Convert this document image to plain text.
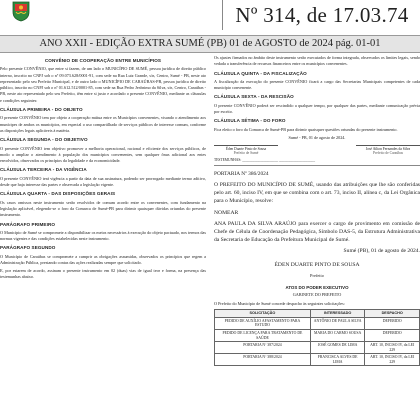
Nº 314, de 17.03.74
ANO XXII - EDIÇÃO EXTRA SUMÉ (PB) 01 de AGOSTO de 2024 pág. 01-01

CONVÊNIO DE COOPERAÇÃO ENTRE MUNICÍPIOS

Pelo presente CONVÊNIO, que entre si fazem, de um lado o MUNICÍPIO DE SUMÉ, pessoa jurídica de direito público interno, inscrito no CNPJ sob o nº 09.073.628/0001-91, com sede na Rua Luiz Grande, s/n, Centro, Sumé - PB, neste ato representado pelo seu Prefeito Municipal, e de outro lado o MUNICÍPIO DE CARAÚBAS-PB, pessoa jurídica de direito público, inscrito no CNPJ sob o nº 01.612.512/0001-85, com sede na Rua Pedro Jerônimo da Silva, s/n, Centro, Caraúbas - PB, neste ato representado pelo seu Prefeito, têm entre si justo e acordado o presente CONVÊNIO, mediante as cláusulas e condições seguintes:

CLÁUSULA PRIMEIRA - DO OBJETO

O presente CONVÊNIO tem por objeto a cooperação mútua entre os Municípios convenentes, visando o atendimento aos munícipes de ambos os municípios, em especial o uso compartilhado de serviços públicos de interesse comum, conforme as disposições legais aplicáveis à matéria.

CLÁUSULA SEGUNDA - DO OBJETIVO

O presente CONVÊNIO tem objetivo promover a melhoria operacional, racional e eficiente dos serviços públicos, de modo a ampliar o atendimento à população dos municípios convenentes, sem qualquer ônus adicional aos entes envolvidos, observados os princípios da legalidade e da economicidade.

CLÁUSULA TERCEIRA - DA VIGÊNCIA

O presente CONVÊNIO terá vigência a partir da data de sua assinatura, podendo ser prorrogado mediante termo aditivo, desde que haja interesse das partes e observada a legislação vigente.

CLÁUSULA QUARTA - DAS DISPOSIÇÕES GERAIS

Os casos omissos neste instrumento serão resolvidos de comum acordo entre os convenentes, com fundamento na legislação aplicável, elegendo-se o foro da Comarca de Sumé-PB para dirimir quaisquer dúvidas oriundas do presente instrumento.

PARÁGRAFO PRIMEIRO

O Município de Sumé se compromete a disponibilizar os meios necessários à execução do objeto pactuado, nos termos das normas vigentes e das condições estabelecidas neste instrumento.

PARÁGRAFO SEGUNDO

O Município de Caraúbas se compromete a cumprir as obrigações assumidas, observados os princípios que regem a Administração Pública, prestando contas das ações realizadas sempre que solicitado.

E, por estarem de acordo, assinam o presente instrumento em 02 (duas) vias de igual teor e forma, na presença das testemunhas abaixo.

Os ajustes firmados no âmbito deste instrumento serão executados de forma integrada, observados os limites legais, sendo vedada a transferência de recursos financeiros entre os municípios convenentes.

CLÁUSULA QUINTA - DA FISCALIZAÇÃO

A fiscalização da execução do presente CONVÊNIO ficará a cargo das Secretarias Municipais competentes de cada município convenente.

CLÁUSULA SEXTA - DA RESCISÃO

O presente CONVÊNIO poderá ser rescindido a qualquer tempo, por qualquer das partes, mediante comunicação prévia por escrito.

CLÁUSULA SÉTIMA - DO FORO

Fica eleito o foro da Comarca de Sumé-PB para dirimir quaisquer questões oriundas do presente instrumento.

Sumé - PB, 01 de agosto de 2024.

Éden Duarte Pinto de Sousa
Prefeito de Sumé
José Ailton Fernandes da Silva
Prefeito de Caraúbas
TESTEMUNHAS: ____________________ ____________________
PORTARIA Nº 386/2024

O PREFEITO DO MUNICÍPIO DE SUMÉ, usando das atribuições que lhe são conferidas pelo art. 60, inciso IV, em que se combina com o art. 73, inciso II, alínea c, da Lei Orgânica para o Município, resolve:

NOMEAR

ANA PAULA DA SILVA ARAÚJO para exercer o cargo de provimento em comissão de Chefe de Célula de Coordenação Pedagógica, Símbolo DAS-5, da Estrutura Administrativa da Secretaria de Educação da Prefeitura Municipal de Sumé.

Sumé (PB), 01 de agosto de 2024.

ÉDEN DUARTE PINTO DE SOUSA

Prefeito

ATOS DO PODER EXECUTIVO
GABINETE DO PREFEITO

O Prefeito do Município de Sumé concede despacho às seguintes solicitações:

SOLICITAÇÃO	INTERESSADO	DESPACHO
PEDIDO DE AUXÍLIO AFASTAMENTO PARA ESTUDO	ANTÔNIO DE PAULA SILVA	DEFERIDO
PEDIDO DE LICENÇA PARA TRATAMENTO DE SAÚDE	MARIA DO CARMO SOUSA	DEFERIDO
PORTARIA Nº 387/2024	JOSÉ GOMES DE LIMA	ART. 10, INCISO IV, da LEI 229
PORTARIA Nº 388/2024	FRANCISCA ALVES DE LIMA	ART. 10, INCISO IV, da LEI 229
